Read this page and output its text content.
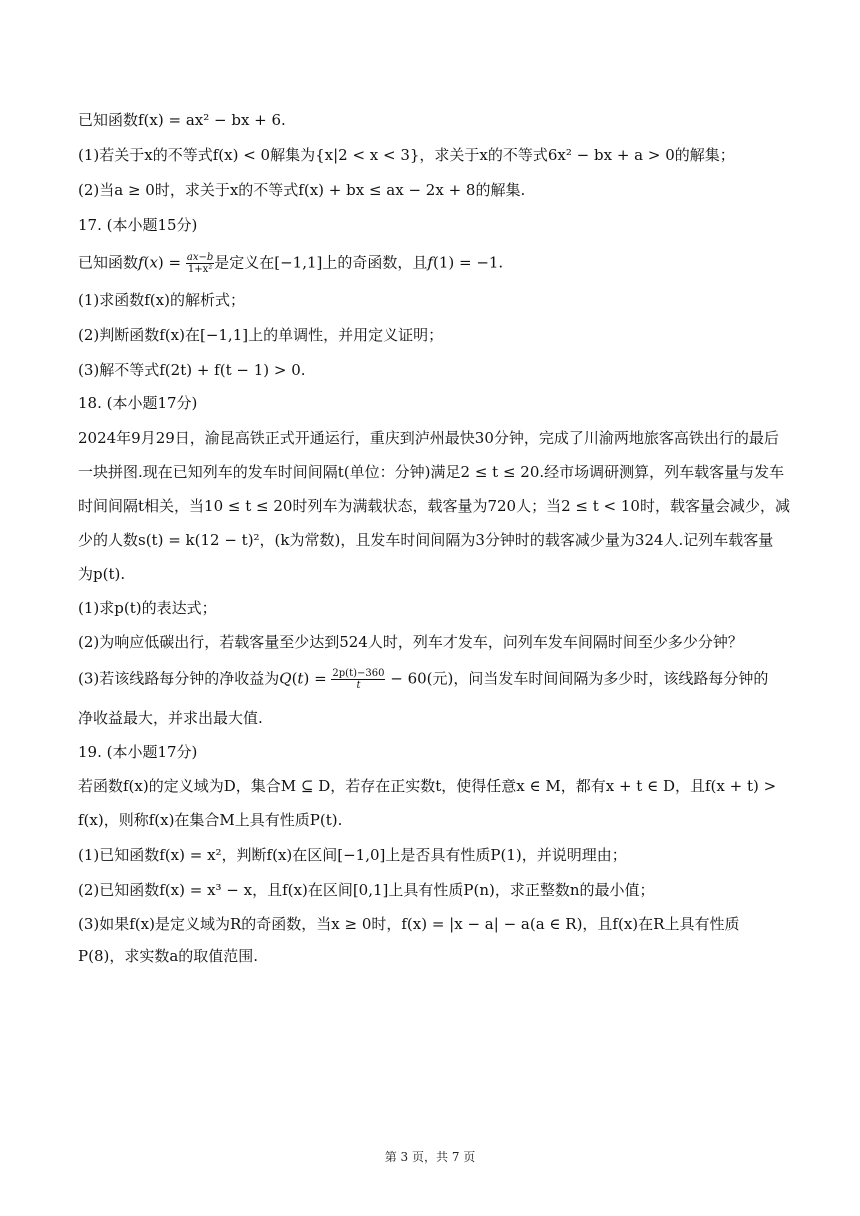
已知函数f(x) = ax² − bx + 6.
(1)若关于x的不等式f(x) < 0解集为{x|2 < x < 3}，求关于x的不等式6x² − bx + a > 0的解集；
(2)当a ≥ 0时，求关于x的不等式f(x) + bx ≤ ax − 2x + 8的解集.
17. (本小题15分)
已知函数$f(x) = \frac{ax-b}{\text{1+x²}}$ 是定义在[−1,1]上的奇函数，且f(1) = −1.
(1)求函数f(x)的解析式；
(2)判断函数f(x)在[−1,1]上的单调性，并用定义证明；
(3)解不等式f(2t) + f(t − 1) > 0.
18. (本小题17分)
2024年9月29日，渝昆高铁正式开通运行，重庆到泸州最快30分钟，完成了川渝两地旅客高铁出行的最后
一块拼图.现在已知列车的发车时间间隔t(单位：分钟)满足2 ≤ t ≤ 20.经市场调研测算，列车载客量与发车
时间间隔t相关，当10 ≤ t ≤ 20时列车为满载状态，载客量为720人；当2 ≤ t < 10时，载客量会减少，减
少的人数s(t) = k(12 − t)²，(k为常数)，且发车时间间隔为3分钟时的载客减少量为324人.记列车载客量
为p(t).
(1)求p(t)的表达式；
(2)为响应低碳出行，若载客量至少达到524人时，列车才发车，问列车发车间隔时间至少多少分钟？
(3)若该线路每分钟的净收益为$Q(t) = \frac{2p(t)-360}{t} - 60$(元)，问当发车时间间隔为多少时，该线路每分钟的
净收益最大，并求出最大值.
19. (本小题17分)
若函数f(x)的定义域为D，集合M ⊆ D，若存在正实数t，使得任意x ∈ M，都有x + t ∈ D，且f(x + t) >
f(x)，则称f(x)在集合M上具有性质P(t).
(1)已知函数f(x) = x²，判断f(x)在区间[−1,0]上是否具有性质P(1)，并说明理由；
(2)已知函数f(x) = x³ − x，且f(x)在区间[0,1]上具有性质P(n)，求正整数n的最小值；
(3)如果f(x)是定义域为R的奇函数，当x ≥ 0时，f(x) = |x − a| − a(a ∈ R)，且f(x)在R上具有性质
P(8)，求实数a的取值范围.
第 3 页，共 7 页
